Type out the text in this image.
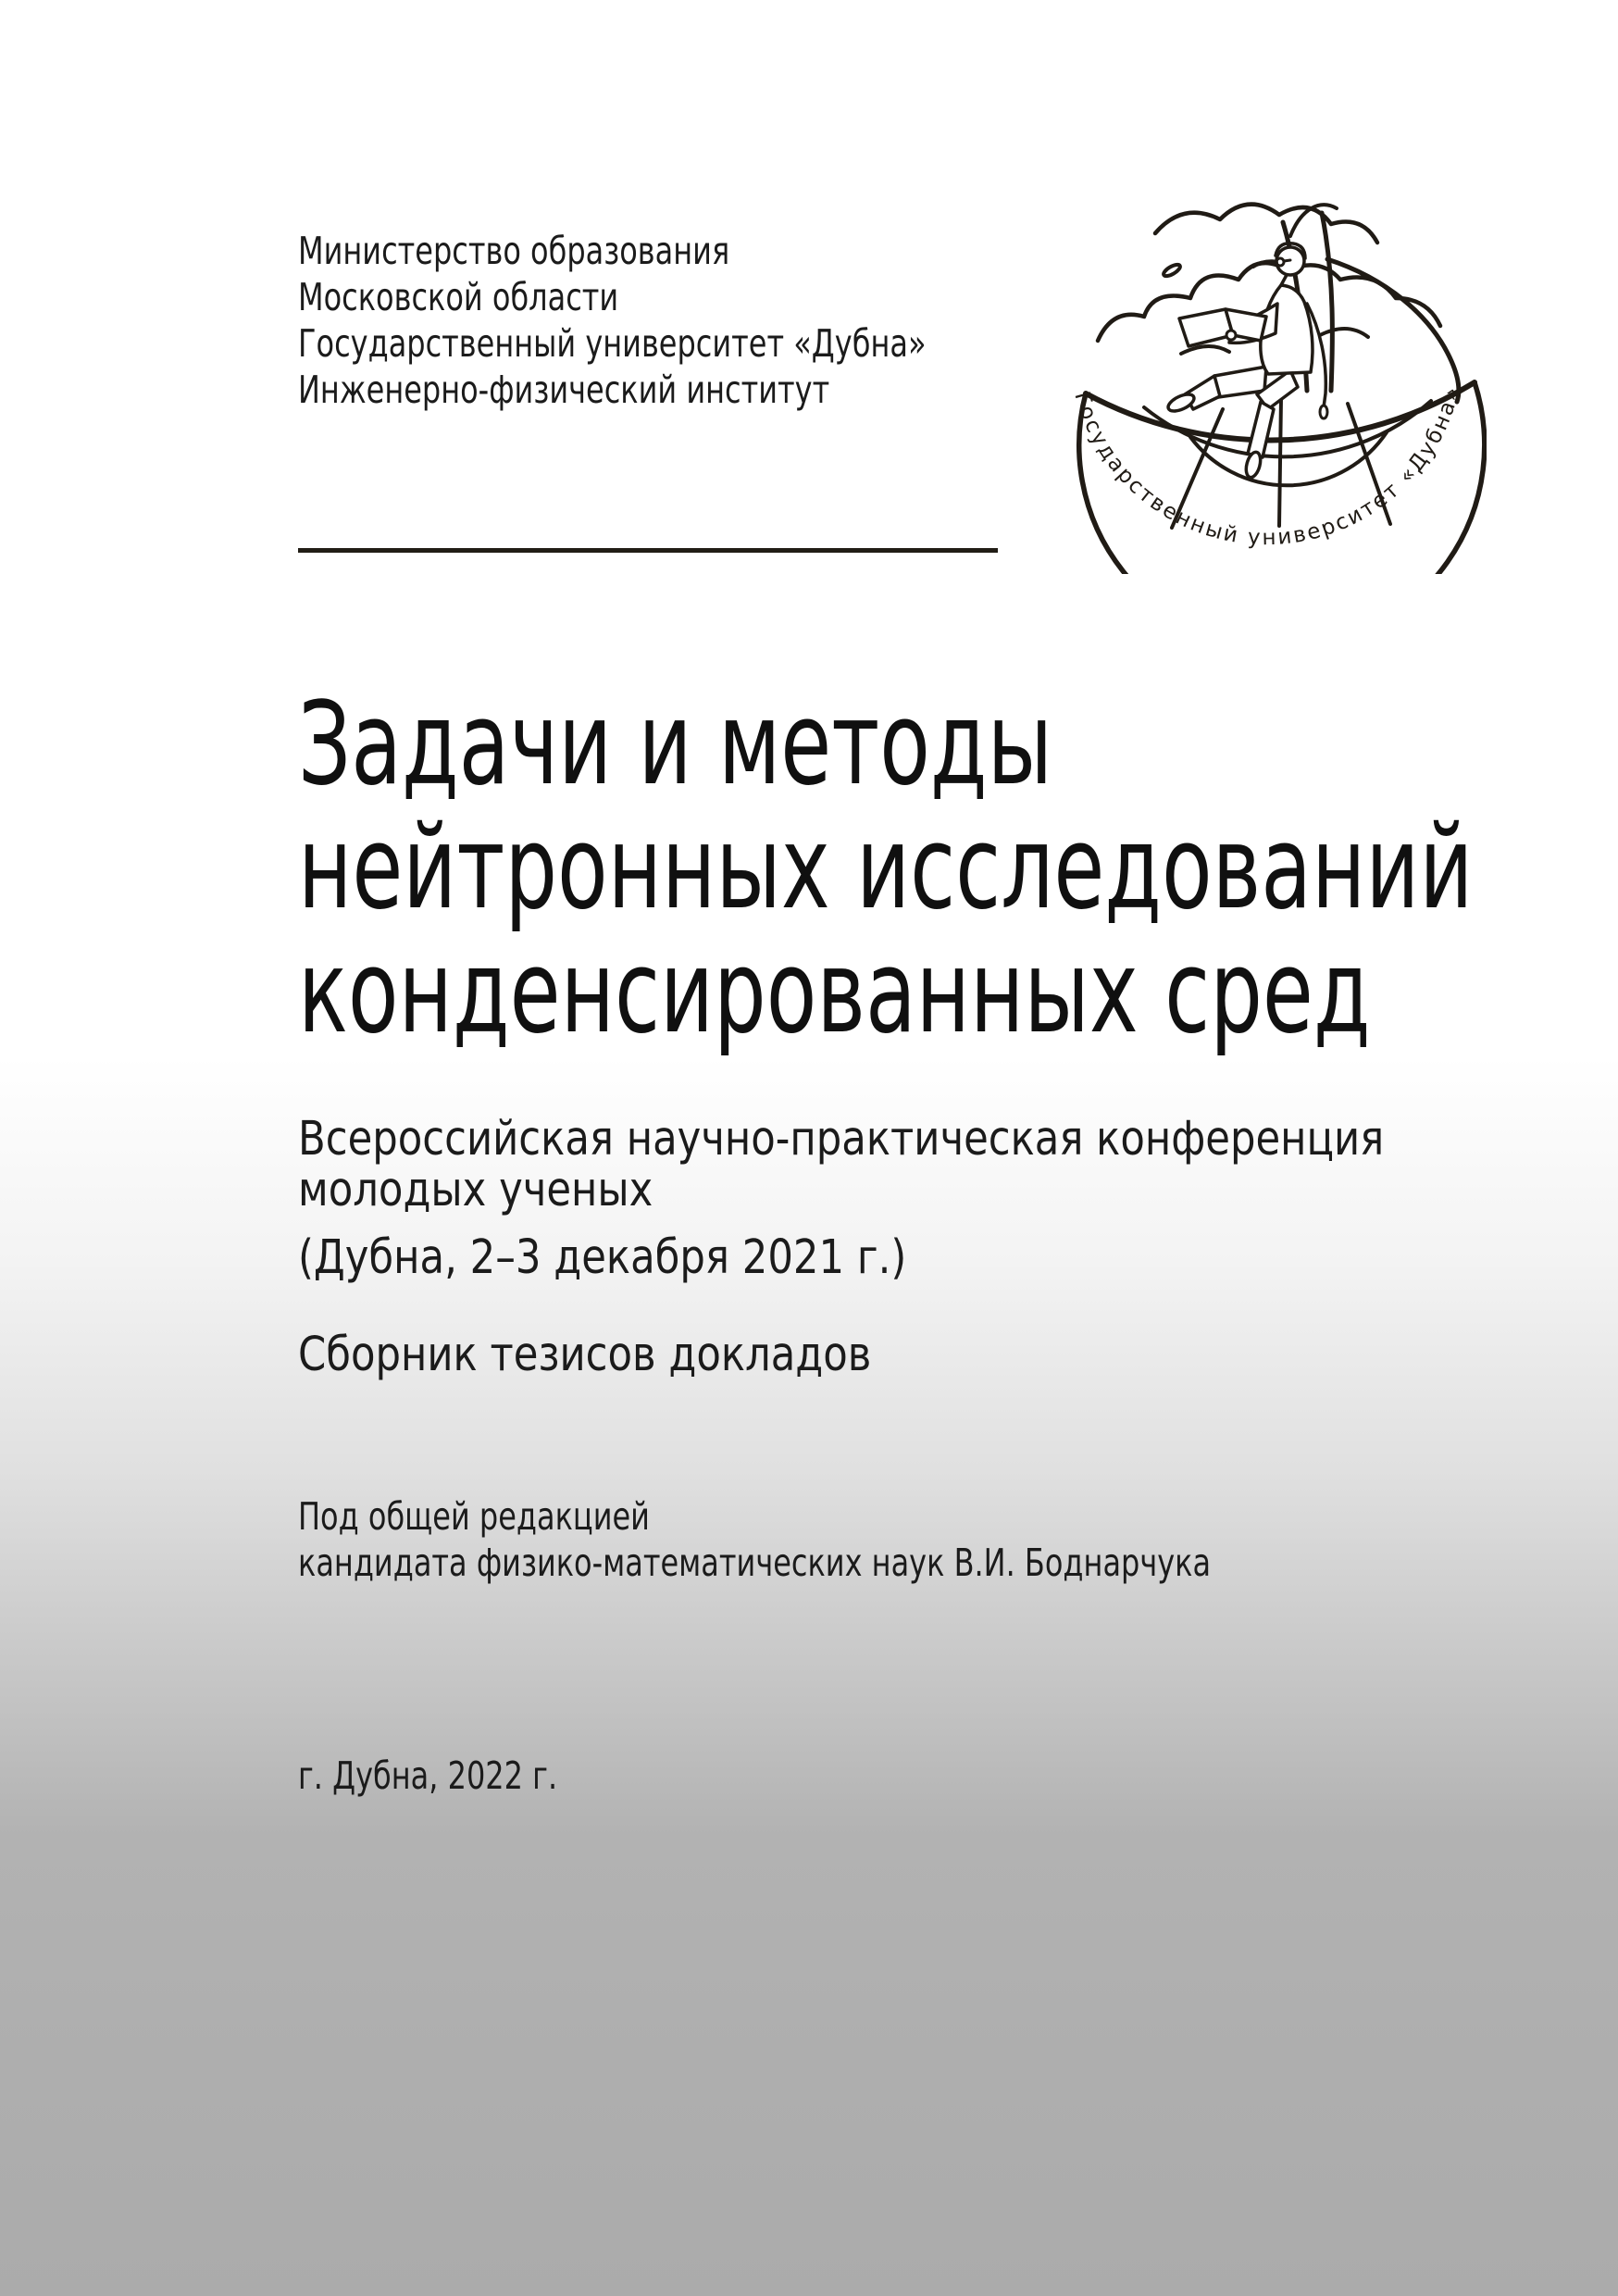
Министерство образования
Московской области
Государственный университет «Дубна»
Инженерно-физический институт	Государственный университет «Дубна»
Задачи и методы
нейтронных исследований
конденсированных сред
Всероссийская научно-практическая конференция
молодых ученых
(Дубна, 2–3 декабря 2021 г.)
Сборник тезисов докладов
Под общей редакцией
кандидата физико-математических наук В.И. Боднарчука
г. Дубна, 2022 г.
